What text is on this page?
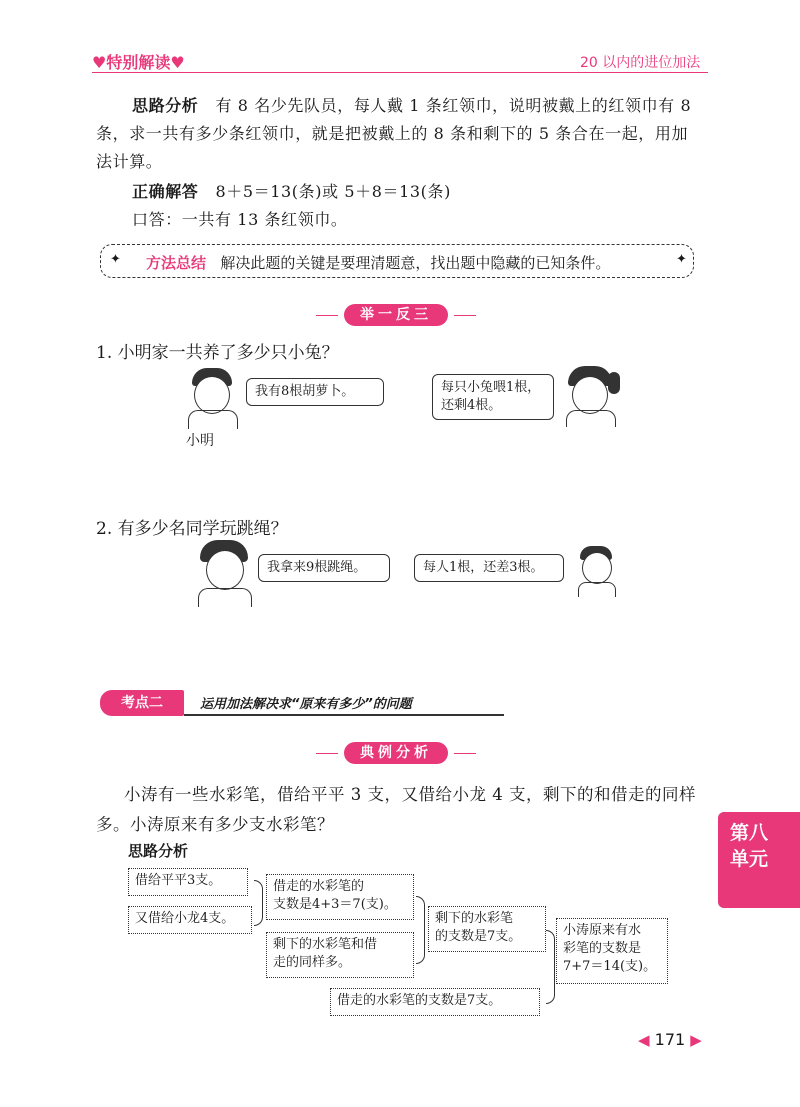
♥特别解读♥	20 以内的进位加法
思路分析 有 8 名少先队员，每人戴 1 条红领巾，说明被戴上的红领巾有 8
条，求一共有多少条红领巾，就是把被戴上的 8 条和剩下的 5 条合在一起，用加
法计算。
正确解答 8＋5＝13(条)或 5＋8＝13(条)
口答：一共有 13 条红领巾。
✦	✦
方法总结 解决此题的关键是要理清题意，找出题中隐藏的已知条件。
举一反三
1. 小明家一共养了多少只小兔？
我有8根胡萝卜。
小明
每只小兔喂1根，
还剩4根。
2. 有多少名同学玩跳绳？
我拿来9根跳绳。	每人1根，还差3根。
考点二	运用加法解决求“原来有多少”的问题
典例分析
小涛有一些水彩笔，借给平平 3 支，又借给小龙 4 支，剩下的和借走的同样
多。小涛原来有多少支水彩笔？
思路分析
第八
单元
借给平平3支。
又借给小龙4支。
借走的水彩笔的
支数是4+3＝7(支)。
剩下的水彩笔和借
走的同样多。
剩下的水彩笔
的支数是7支。
借走的水彩笔的支数是7支。
小涛原来有水
彩笔的支数是
7+7＝14(支)。
◀ 171 ▶
